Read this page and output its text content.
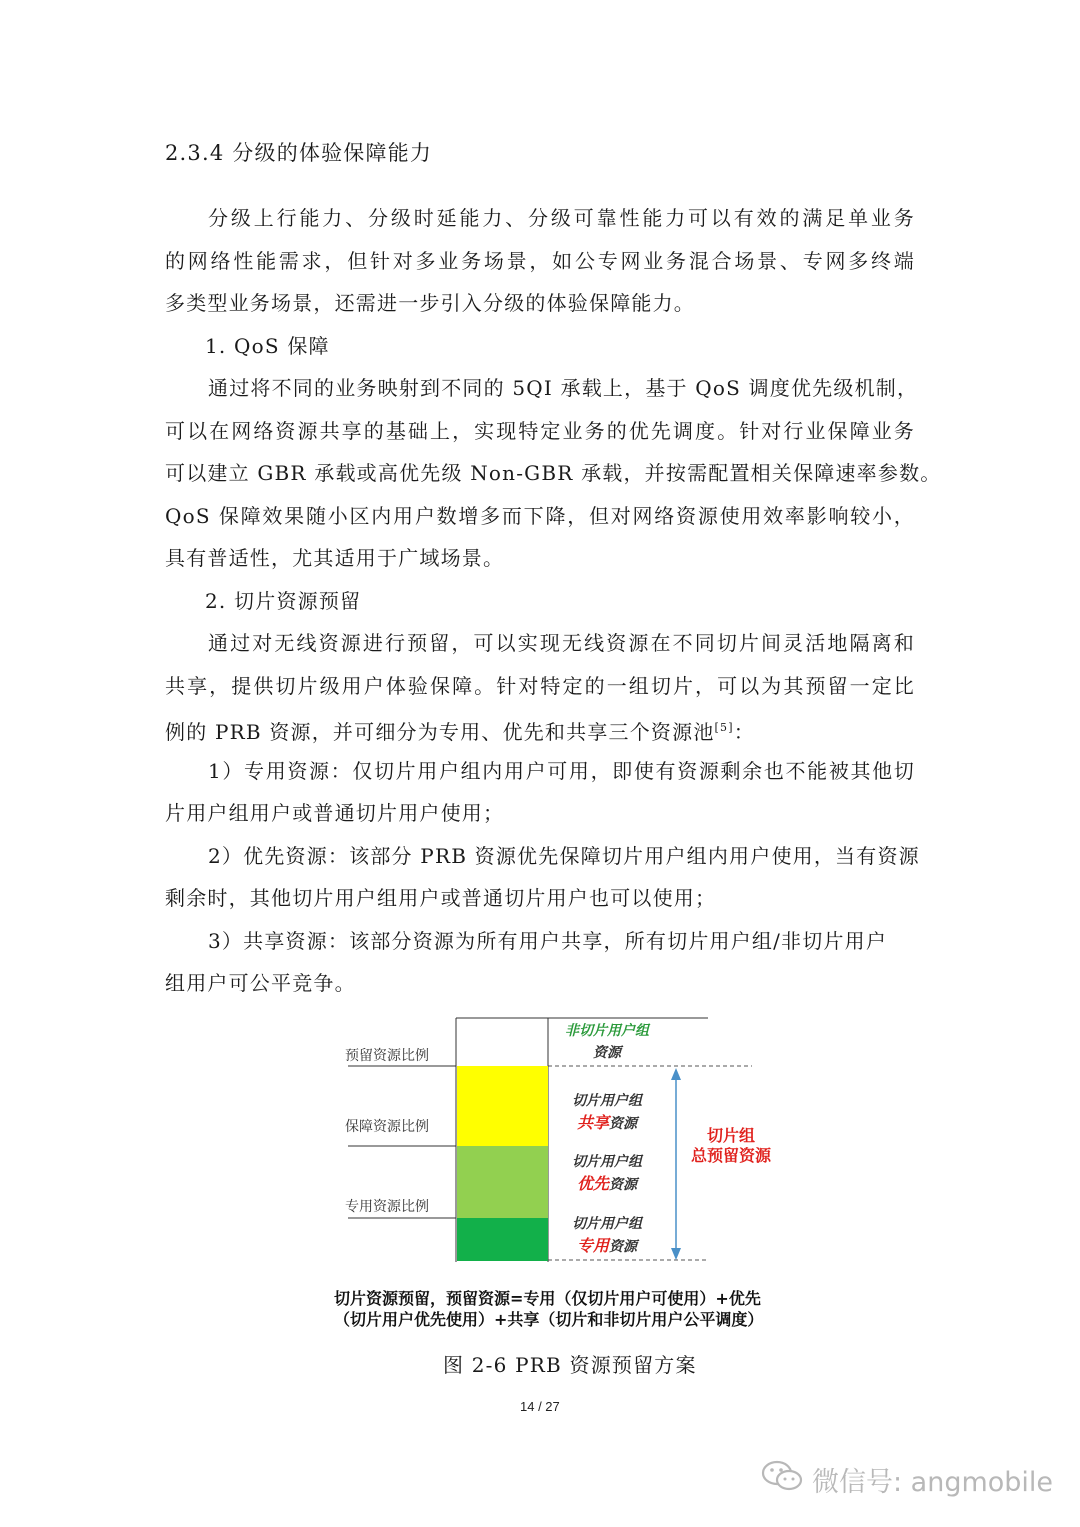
2.3.4 分级的体验保障能力
分级上行能力、分级时延能力、分级可靠性能力可以有效的满足单业务
的网络性能需求，但针对多业务场景，如公专网业务混合场景、专网多终端
多类型业务场景，还需进一步引入分级的体验保障能力。
1. QoS 保障
通过将不同的业务映射到不同的 5QI 承载上，基于 QoS 调度优先级机制，
可以在网络资源共享的基础上，实现特定业务的优先调度。针对行业保障业务
可以建立 GBR 承载或高优先级 Non-GBR 承载，并按需配置相关保障速率参数。
QoS 保障效果随小区内用户数增多而下降，但对网络资源使用效率影响较小，
具有普适性，尤其适用于广域场景。
2. 切片资源预留
通过对无线资源进行预留，可以实现无线资源在不同切片间灵活地隔离和
共享，提供切片级用户体验保障。针对特定的一组切片，可以为其预留一定比
例的 PRB 资源，并可细分为专用、优先和共享三个资源池[5]：
1）专用资源：仅切片用户组内用户可用，即使有资源剩余也不能被其他切
片用户组用户或普通切片用户使用；
2）优先资源：该部分 PRB 资源优先保障切片用户组内用户使用，当有资源
剩余时，其他切片用户组用户或普通切片用户也可以使用；
3）共享资源：该部分资源为所有用户共享，所有切片用户组/非切片用户
组用户可公平竞争。
预留资源比例
保障资源比例
专用资源比例
非切片用户组
资源
切片用户组
共享资源
切片用户组
优先资源
切片用户组
专用资源
切片组
总预留资源
切片资源预留，预留资源=专用（仅切片用户可使用）+优先
（切片用户优先使用）+共享（切片和非切片用户公平调度）
图 2-6 PRB 资源预留方案
14 / 27
微信号: angmobile
